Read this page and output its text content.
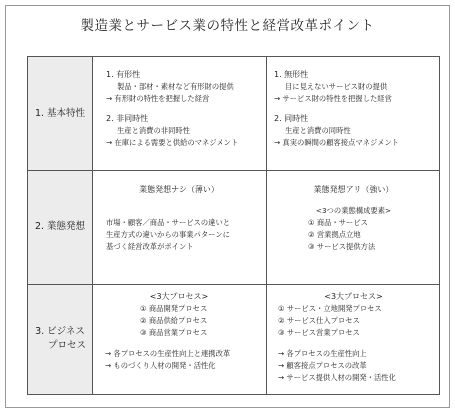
製造業とサービス業の特性と経営改革ポイント
1. 基本特性
1. 有形性
製品・部材・素材など有形財の提供
→ 有形財の特性を把握した経営
2. 非同時性
生産と消費の非同時性
→ 在庫による需要と供給のマネジメント
1. 無形性
目に見えないサービス財の提供
→ サービス財の特性を把握した経営
2. 同時性
生産と消費の同時性
→ 真実の瞬間の顧客接点マネジメント
2. 業態発想
業態発想ナシ（薄い）
市場・顧客／商品・サービスの違いと
生産方式の違いからの事業パターンに
基づく経営改革がポイント
業態発想アリ（強い）
<3つの業態構成要素>
① 商品・サービス
② 営業拠点立地
③ サービス提供方法
3. ビジネス
プロセス
<3大プロセス>
① 商品開発プロセス
② 商品供給プロセス
③ 商品営業プロセス
→ 各プロセスの生産性向上と連携改革
→ ものづくり人材の開発・活性化
<3大プロセス>
① サービス・立地開発プロセス
② サービス仕入プロセス
③ サービス営業プロセス
→ 各プロセスの生産性向上
→ 顧客接点プロセスの改革
→ サービス提供人材の開発・活性化
